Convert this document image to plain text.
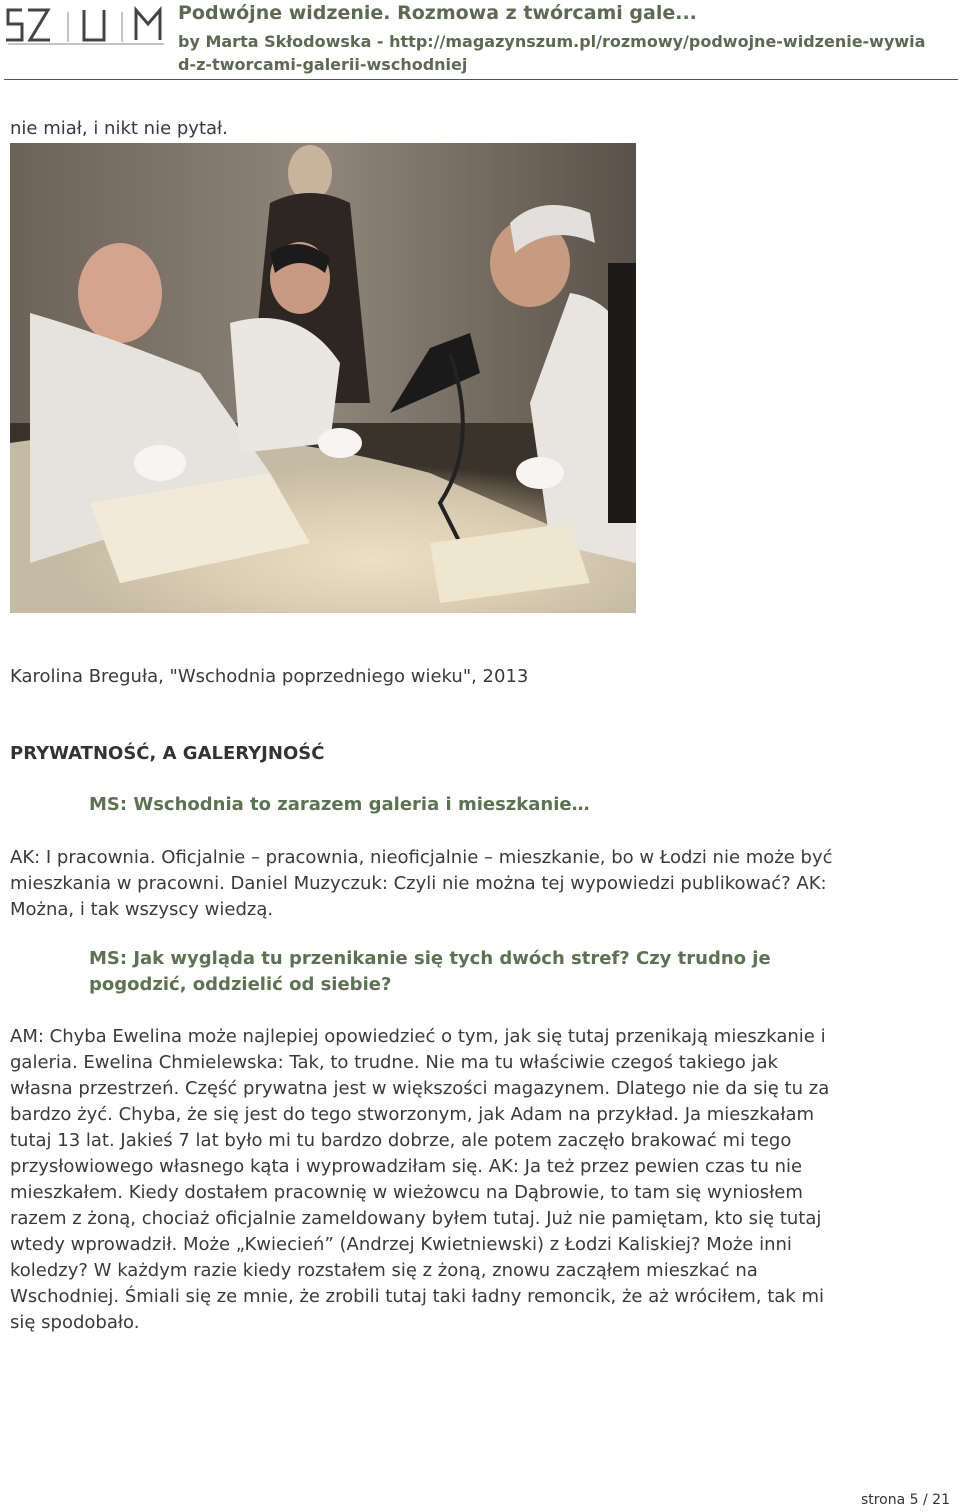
Podwójne widzenie. Rozmowa z twórcami gale...
by Marta Skłodowska - http://magazynszum.pl/rozmowy/podwojne-widzenie-wywia
d-z-tworcami-galerii-wschodniej
nie miał, i nikt nie pytał.
Karolina Breguła, "Wschodnia poprzedniego wieku", 2013
PRYWATNOŚĆ, A GALERYJNOŚĆ
MS: Wschodnia to zarazem galeria i mieszkanie…
AK: I pracownia. Oficjalnie – pracownia, nieoficjalnie – mieszkanie, bo w Łodzi nie może być
mieszkania w pracowni. Daniel Muzyczuk: Czyli nie można tej wypowiedzi publikować? AK:
Można, i tak wszyscy wiedzą.
MS: Jak wygląda tu przenikanie się tych dwóch stref? Czy trudno je
pogodzić, oddzielić od siebie?
AM: Chyba Ewelina może najlepiej opowiedzieć o tym, jak się tutaj przenikają mieszkanie i
galeria. Ewelina Chmielewska: Tak, to trudne. Nie ma tu właściwie czegoś takiego jak
własna przestrzeń. Część prywatna jest w większości magazynem. Dlatego nie da się tu za
bardzo żyć. Chyba, że się jest do tego stworzonym, jak Adam na przykład. Ja mieszkałam
tutaj 13 lat. Jakieś 7 lat było mi tu bardzo dobrze, ale potem zaczęło brakować mi tego
przysłowiowego własnego kąta i wyprowadziłam się. AK: Ja też przez pewien czas tu nie
mieszkałem. Kiedy dostałem pracownię w wieżowcu na Dąbrowie, to tam się wyniosłem
razem z żoną, chociaż oficjalnie zameldowany byłem tutaj. Już nie pamiętam, kto się tutaj
wtedy wprowadził. Może „Kwiecień” (Andrzej Kwietniewski) z Łodzi Kaliskiej? Może inni
koledzy? W każdym razie kiedy rozstałem się z żoną, znowu zacząłem mieszkać na
Wschodniej. Śmiali się ze mnie, że zrobili tutaj taki ładny remoncik, że aż wróciłem, tak mi
się spodobało.
strona 5 / 21
